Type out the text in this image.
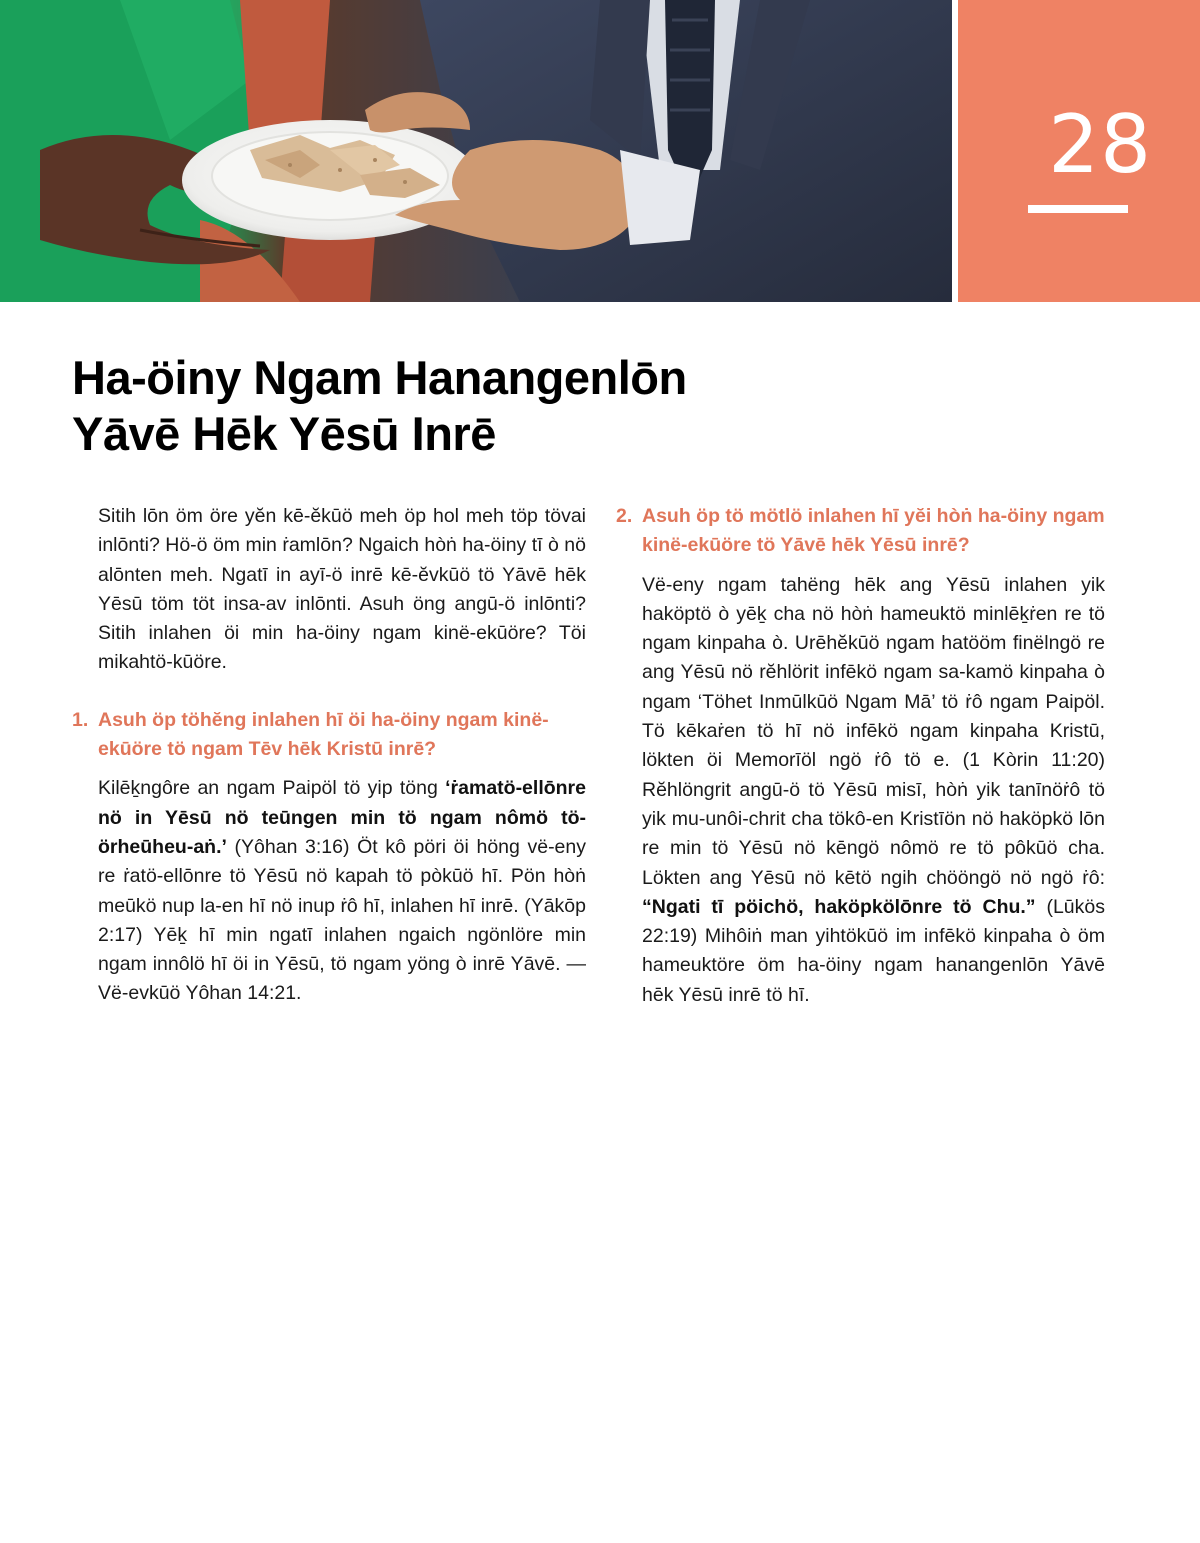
28
Ha-öiny Ngam Hanangenlōn
Yāvē Hēk Yēsū Inrē

Sitih lōn öm öre yĕn kē-ĕkūö meh öp hol meh töp tövai inlōnti? Hö-ö öm min ṙamlōn? Ngaich hòṅ ha-öiny tī ò nö alōnten meh. Ngatī in ayī-ö inrē kē-ĕvkūö tö Yāvē hēk Yēsū töm töt insa-av inlōnti. Asuh öng angū-ö inlōnti? Sitih inlahen öi min ha-öiny ngam kinë-ekūöre? Töi mikahtö-kūöre.

1. Asuh öp töhĕng inlahen hī öi ha-öiny ngam kinë-ekūöre tö ngam Tēv hēk Kristū inrē?

Kilēḵngôre an ngam Paipöl tö yip töng ‘ṙamatö-ellōnre nö in Yēsū nö teūngen min tö ngam nômö tö-örheūheu-aṅ.’ (Yôhan 3:16) Öt kô pöri öi höng vë-eny re ṙatö-ellōnre tö Yēsū nö kapah tö pòkūö hī. Pön hòṅ meūkö nup la-en hī nö inup ṙô hī, inlahen hī inrē. (Yākōp 2:17) Yēḵ hī min ngatī inlahen ngaich ngönlöre min ngam innôlö hī öi in Yēsū, tö ngam yöng ò inrē Yāvē. —Vë-evkūö Yôhan 14:21.

2. Asuh öp tö mötlö inlahen hī yĕi hòṅ ha-öiny ngam kinë-ekūöre tö Yāvē hēk Yēsū inrē?

Vë-eny ngam tahëng hēk ang Yēsū inlahen yik haköptö ò yēḵ cha nö hòṅ hameuktö minlēḵṙen re tö ngam kinpaha ò. Urēhĕkūö ngam hatööm finëlngö re ang Yēsū nö rĕhlörit infēkö ngam sa-kamö kinpaha ò ngam ‘Töhet Inmūlkūö Ngam Mā’ tö ṙô ngam Paipöl. Tö kēkaṙen tö hī nö infēkö ngam kinpaha Kristū, lökten öi Memorīöl ngö ṙô tö e. (1 Kòrin 11:20) Rĕhlöngrit angū-ö tö Yēsū misī, hòṅ yik tanīnöṙô tö yik mu-unôi-chrit cha tökô-en Kristīön nö haköpkö lōn re min tö Yēsū nö kēngö nômö re tö pôkūö cha. Lökten ang Yēsū nö kētö ngih chööngö nö ngö ṙô: “Ngati tī pöichö, haköpkölōnre tö Chu.” (Lūkös 22:19) Mihôiṅ man yihtökūö im infēkö kinpaha ò öm hameuktöre öm ha-öiny ngam hanangenlōn Yāvē hēk Yēsū inrē tö hī.
